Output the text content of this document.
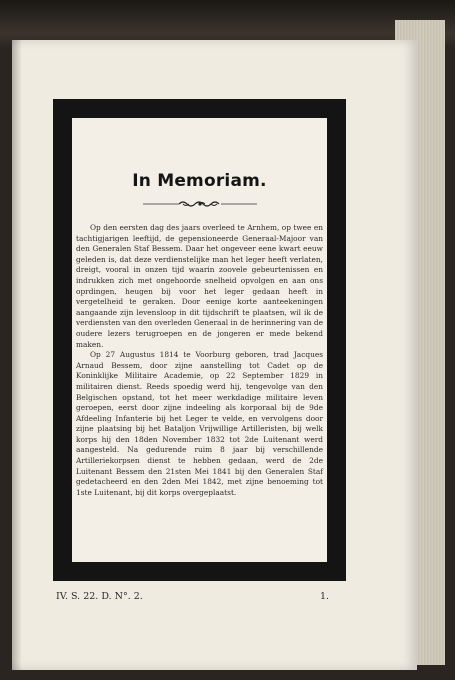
In Memoriam.

Op den eersten dag des jaars overleed te Arnhem, op twee en tachtigjarigen leeftijd, de gepensioneerde Generaal-Majoor van den Generalen Staf Bessem. Daar het ongeveer eene kwart eeuw geleden is, dat deze verdienstelijke man het leger heeft verlaten, dreigt, vooral in onzen tijd waarin zoovele gebeurtenissen en indrukken zich met ongehoorde snelheid opvolgen en aan ons oprdingen, heugen bij voor het leger gedaan heeft in vergetelheid te geraken. Door eenige korte aanteekeningen aangaande zijn levensloop in dit tijdschrift te plaatsen, wil ik de verdiensten van den overleden Generaal in de herinnering van de oudere lezers terugroepen en de jongeren er mede bekend maken.

Op 27 Augustus 1814 te Voorburg geboren, trad Jacques Arnaud Bessem, door zijne aanstelling tot Cadet op de Koninklijke Militaire Academie, op 22 September 1829 in militairen dienst. Reeds spoedig werd hij, tengevolge van den Belgischen opstand, tot het meer werkdadige militaire leven geroepen, eerst door zijne indeeling als korporaal bij de 9de Afdeeling Infanterie bij het Leger te velde, en vervolgens door zijne plaatsing bij het Bataljon Vrijwillige Artilleristen, bij welk korps hij den 18den November 1832 tot 2de Luitenant werd aangesteld. Na gedurende ruim 8 jaar bij verschillende Artilleriekorpsen dienst te hebben gedaan, werd de 2de Luitenant Bessem den 21sten Mei 1841 bij den Generalen Staf gedetacheerd en den 2den Mei 1842, met zijne benoeming tot 1ste Luitenant, bij dit korps overgeplaatst.

IV. S. 22. D. N°. 2.	1.
